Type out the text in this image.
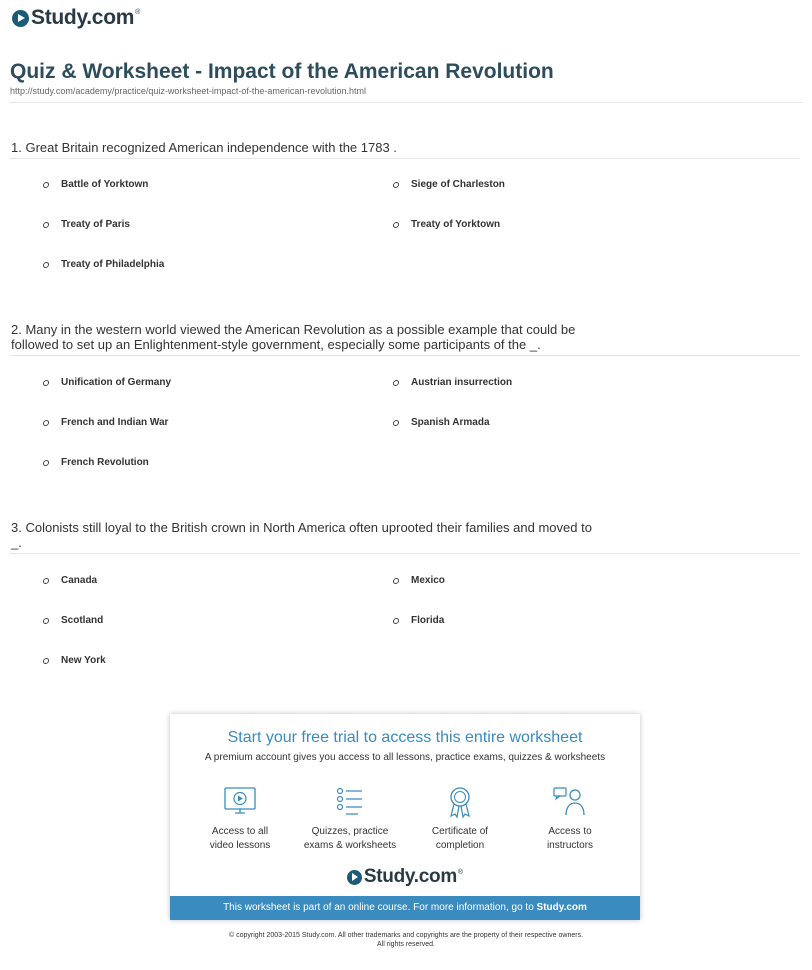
Study.com ®
Quiz & Worksheet - Impact of the American Revolution
http://study.com/academy/practice/quiz-worksheet-impact-of-the-american-revolution.html
1. Great Britain recognized American independence with the 1783 .
Battle of Yorktown	Siege of Charleston
Treaty of Paris	Treaty of Yorktown
Treaty of Philadelphia
2. Many in the western world viewed the American Revolution as a possible example that could be
followed to set up an Enlightenment-style government, especially some participants of the _.
Unification of Germany	Austrian insurrection
French and Indian War	Spanish Armada
French Revolution
3. Colonists still loyal to the British crown in North America often uprooted their families and moved to
_.
Canada	Mexico
Scotland	Florida
New York
Start your free trial to access this entire worksheet
A premium account gives you access to all lessons, practice exams, quizzes & worksheets
Access to all
video lessons
Quizzes, practice
exams & worksheets
Certificate of
completion
Access to
instructors
Study.com ®
This worksheet is part of an online course. For more information, go to Study.com
© copyright 2003-2015 Study.com. All other trademarks and copyrights are the property of their respective owners.
All rights reserved.
